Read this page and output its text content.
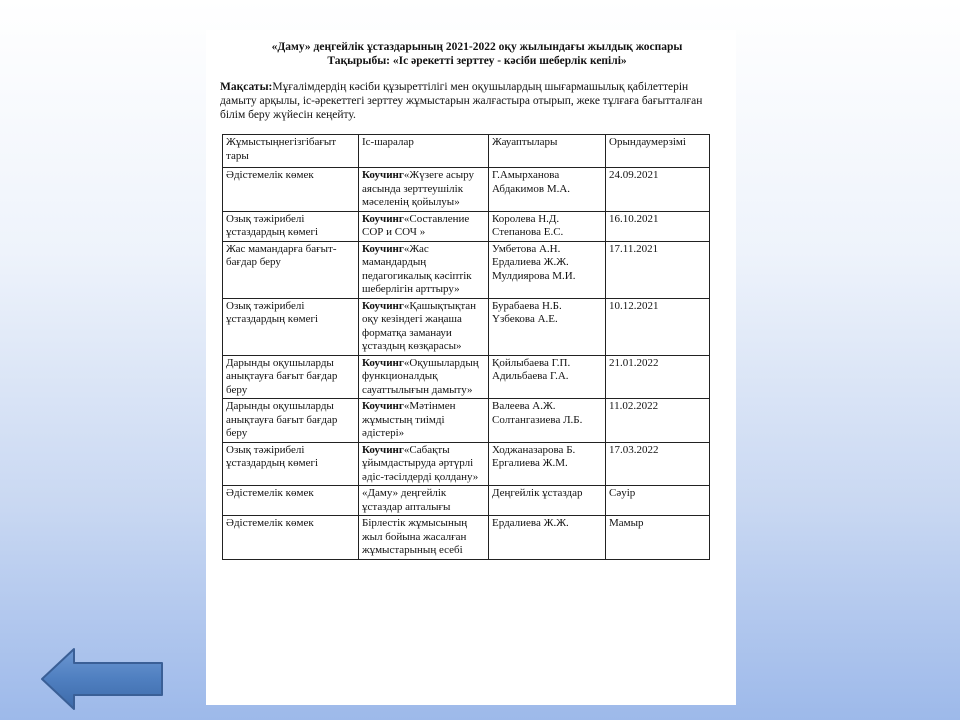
«Даму» деңгейлік ұстаздарының 2021-2022 оқу жылындағы жылдық жоспары
Тақырыбы: «Іс әрекетті зерттеу - кәсіби шеберлік кепілі»
Мақсаты:Мұғалімдердің кәсіби құзыреттілігі мен оқушылардың шығармашылық қабілеттерін дамыту арқылы, іс-әрекеттегі зерттеу жұмыстарын жалғастыра отырып, жеке тұлғаға бағытталған білім беру жүйесін кеңейту.
Жұмыстыңнегізгібағыт тары	Іс-шаралар	Жауаптылары	Орындаумерзімі
Әдістемелік көмек	Коучинг«Жүзеге асыру аясында зерттеушілік мәселенің қойылуы»	Г.Амырханова Абдакимов М.А.	24.09.2021
Озық тәжірибелі ұстаздардың көмегі	Коучинг«Составление СОР и СОЧ »	Королева Н.Д. Степанова Е.С.	16.10.2021
Жас мамандарға бағыт-бағдар беру	Коучинг«Жас мамандардың педагогикалық кәсіптік шеберлігін арттыру»	Умбетова А.Н. Ердалиева Ж.Ж. Мулдиярова М.И.	17.11.2021
Озық тәжірибелі ұстаздардың көмегі	Коучинг«Қашықтықтан оқу кезіндегі жаңаша форматқа заманауи ұстаздың көзқарасы»	Бурабаева Н.Б. Үзбекова А.Е.	10.12.2021
Дарынды оқушыларды анықтауға бағыт бағдар беру	Коучинг«Оқушылардың функционалдық сауаттылығын дамыту»	Қойлыбаева Г.П. Адильбаева Г.А.	21.01.2022
Дарынды оқушыларды анықтауға бағыт бағдар беру	Коучинг«Мәтінмен жұмыстың тиімді әдістері»	Валеева А.Ж. Солтангазиева Л.Б.	11.02.2022
Озық тәжірибелі ұстаздардың көмегі	Коучинг«Сабақты ұйымдастыруда әртүрлі әдіс-тәсілдерді қолдану»	Ходжаназарова Б. Ергалиева Ж.М.	17.03.2022
Әдістемелік көмек	«Даму» деңгейлік ұстаздар апталығы	Деңгейлік ұстаздар	Сәуір
Әдістемелік көмек	Бірлестік жұмысының жыл бойына жасалған жұмыстарының есебі	Ердалиева Ж.Ж.	Мамыр
